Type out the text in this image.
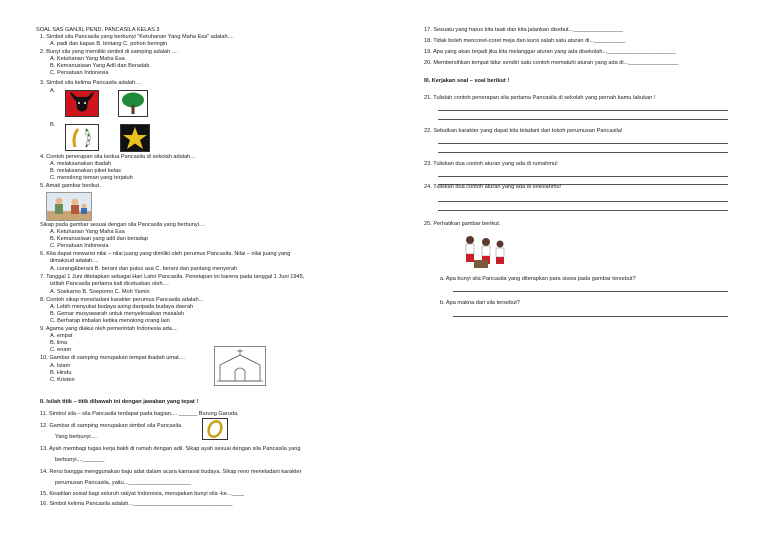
SOAL SAS GANJIL PEND. PANCASILA KELAS 3
1. Simbol sila Pancasila yang berbunyi "Ketuhanan Yang Maha Esa" adalah....
A. padi dan kapas B. bintang C. pohon beringin
2. Bunyi sila yang memiliki simbol di samping adalah ....
A. Ketuhanan Yang Maha Esa
B. Kemanusiaan Yang Adil dan Beradab
C. Persatuan Indonesia
3. Simbol sila kelima Pancasila adalah....
A.
B.
4. Contoh penerapan sila kedua Pancasila di sekolah adalah...
A. melaksanakan ibadah
B. melaksanakan piket kelas
C. menolong teman yang terjatuh
5. Amati gambar berikut.
Sikap pada gambar sesuai dengan sila Pancasila yang berbunyi....
A. Ketuhanan Yang Maha Esa
B. Kemanusiaan yang adil dan beradap
C. Persatuan Indonesia
6. Kita dapat mewarisi nilai – nilai juang yang dimiliki oleh perumus Pancasila. Nilai – nilai juang yang
dimaksud adalah....
A. curang&berani B. berani dan putus asa C. berani dan pantang menyerah
7. Tanggal 1 Juni ditetapkan sebagai Hari Lahir Pancasila. Penetapan ini karena pada tanggal 1 Juni 1945,
istilah Pancasila pertama kali dicetuskan oleh....
A. Soekarno B. Soepomo C. Moh Yamin
8. Contoh sikap meneladani karakter perumus Pancasila adalah...
A. Lebih menyukai budaya asing daripada budaya daerah
B. Gemar musyawarah untuk menyelesaikan masalah
C. Berharap imbalan ketika menolong orang lain
9. Agama yang diakui oleh pemerintah Indonesia ada....
A. empat
B. lima
C. enam
10. Gambar di samping merupakan tempat ibadah umat....
A. Islam
B. Hindu
C. Kristen
II. Isilah titik – titik dibawah ini dengan jawaban yang tepat !
11. Simbol sila – sila Pancasila terdapat pada bagian.... ______ Burung Garuda.
12. Gambar di samping merupakan simbol sila Pancasila
Yang berbunyi....
13. Ayah membagi tugas kerja bakti di rumah dengan adil. Sikap ayah sesuai dengan sila Pancasila yang
berbunyi...._______
14. Reno bangga menggunakan baju adat dalam acara karnaval budaya. Sikap reno meneladani karakter
perumusan Pancasila, yaitu...____________________
15. Keadilan sosial bagi seluruh rakyat Indonesia, merupakan bunyi sila -ke...____
16. Simbol kelima Pancasila adalah...________________________________
17. Sesuatu yang harus kita taati dan kita jalankan disebut...________________
18. Tidak boleh mencoret-coret meja dan kursi salah satu aturan di...__________
19. Apa yang akan terjadi jika kita melanggar aturan yang ada disekolah...______________________
20. Membersihkan tempat tidur sendiri satu contoh mematuhi aturan yang ada di...________________
III. Kerjakan soal – soal berikut !
21. Tulislah contoh penerapan sila pertama Pancasila di sekolah yang pernah kamu lakukan !
22. Sebutkan karakter yang dapat kita teladani dari tokoh perumusan Pancasila!
23. Tuliskan dua contoh aturan yang ada di rumahmu!
24. Tuliskan dua contoh aturan yang ada di sekolahmu!
25. Perhatikan gambar berikut.
a. Apa bunyi sila Pancasila yang diterapkan para siswa pada gambar tersebut?
b. Apa makna dari sila tersebut?
